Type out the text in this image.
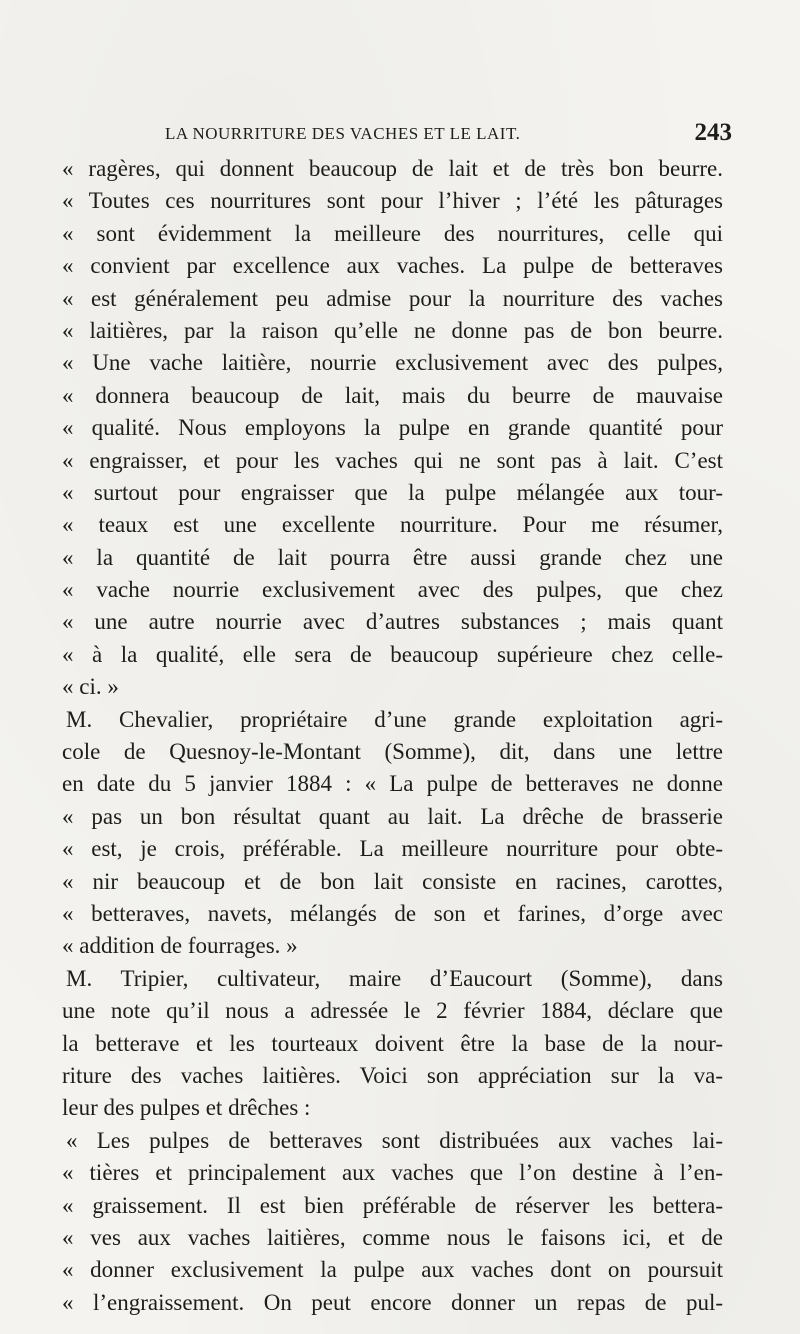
LA NOURRITURE DES VACHES ET LE LAIT.	243
« ragères, qui donnent beaucoup de lait et de très bon beurre.
« Toutes ces nourritures sont pour l’hiver ; l’été les pâturages
« sont évidemment la meilleure des nourritures, celle qui
« convient par excellence aux vaches. La pulpe de betteraves
« est généralement peu admise pour la nourriture des vaches
« laitières, par la raison qu’elle ne donne pas de bon beurre.
« Une vache laitière, nourrie exclusivement avec des pulpes,
« donnera beaucoup de lait, mais du beurre de mauvaise
« qualité. Nous employons la pulpe en grande quantité pour
« engraisser, et pour les vaches qui ne sont pas à lait. C’est
« surtout pour engraisser que la pulpe mélangée aux tour-
« teaux est une excellente nourriture. Pour me résumer,
« la quantité de lait pourra être aussi grande chez une
« vache nourrie exclusivement avec des pulpes, que chez
« une autre nourrie avec d’autres substances ; mais quant
« à la qualité, elle sera de beaucoup supérieure chez celle-
« ci. »
M. Chevalier, propriétaire d’une grande exploitation agri-
cole de Quesnoy-le-Montant (Somme), dit, dans une lettre
en date du 5 janvier 1884 : « La pulpe de betteraves ne donne
« pas un bon résultat quant au lait. La drêche de brasserie
« est, je crois, préférable. La meilleure nourriture pour obte-
« nir beaucoup et de bon lait consiste en racines, carottes,
« betteraves, navets, mélangés de son et farines, d’orge avec
« addition de fourrages. »
M. Tripier, cultivateur, maire d’Eaucourt (Somme), dans
une note qu’il nous a adressée le 2 février 1884, déclare que
la betterave et les tourteaux doivent être la base de la nour-
riture des vaches laitières. Voici son appréciation sur la va-
leur des pulpes et drêches :
« Les pulpes de betteraves sont distribuées aux vaches lai-
« tières et principalement aux vaches que l’on destine à l’en-
« graissement. Il est bien préférable de réserver les bettera-
« ves aux vaches laitières, comme nous le faisons ici, et de
« donner exclusivement la pulpe aux vaches dont on poursuit
« l’engraissement. On peut encore donner un repas de pul-
